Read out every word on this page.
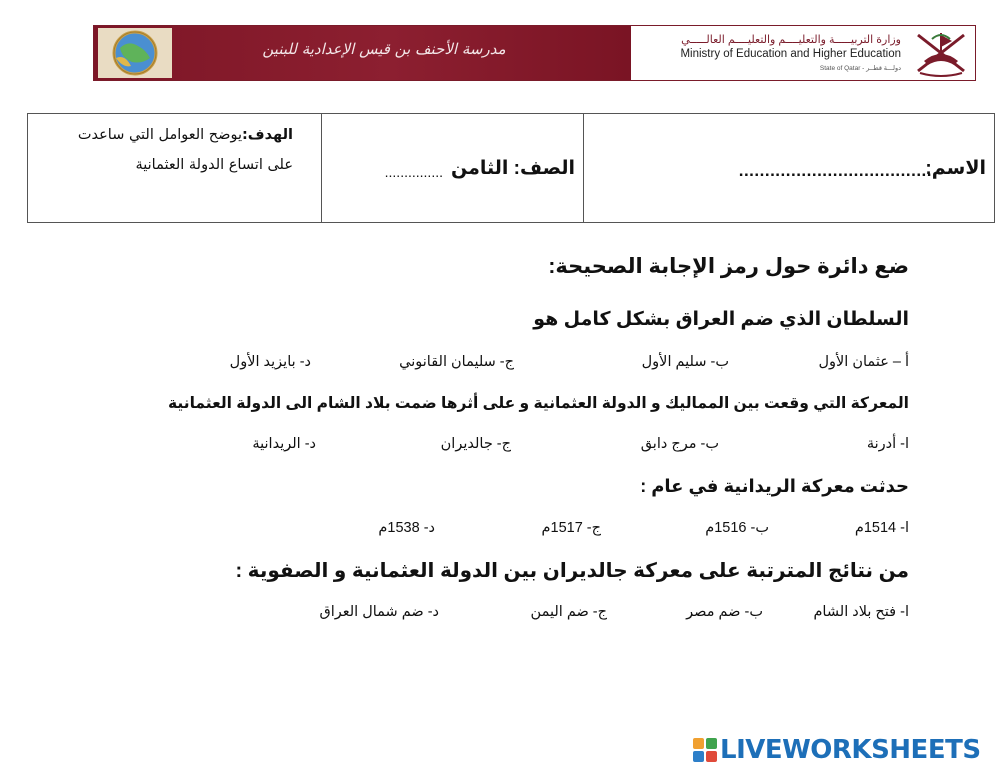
مدرسة الأحنف بن قيس الإعدادية للبنين	وزارة التربيـــــة والتعليــــم والتعليــــم العالـــــي
Ministry of Education and Higher Education
State of Qatar - دولـــة قطــر
الاسم:
.....................................
الصف: الثامن
...............
الهدف:يوضح العوامل التي ساعدت
على اتساع الدولة العثمانية
ضع دائرة حول رمز الإجابة الصحيحة:
السلطان الذي ضم العراق بشكل كامل هو
أ – عثمان الأول
ب- سليم الأول
ج- سليمان القانوني
د- بايزيد الأول
المعركة التي وقعت بين المماليك و الدولة العثمانية و على أثرها ضمت بلاد الشام الى الدولة العثمانية
ا- أدرنة
ب- مرج دابق
ج- جالديران
د- الريدانية
حدثت معركة الريدانية في عام :
ا- 1514م
ب- 1516م
ج- 1517م
د- 1538م
من نتائج المترتبة على معركة جالديران بين الدولة العثمانية و الصفوية :
ا- فتح بلاد الشام
ب- ضم مصر
ج- ضم اليمن
د- ضم شمال العراق
LIVEWORKSHEETS
